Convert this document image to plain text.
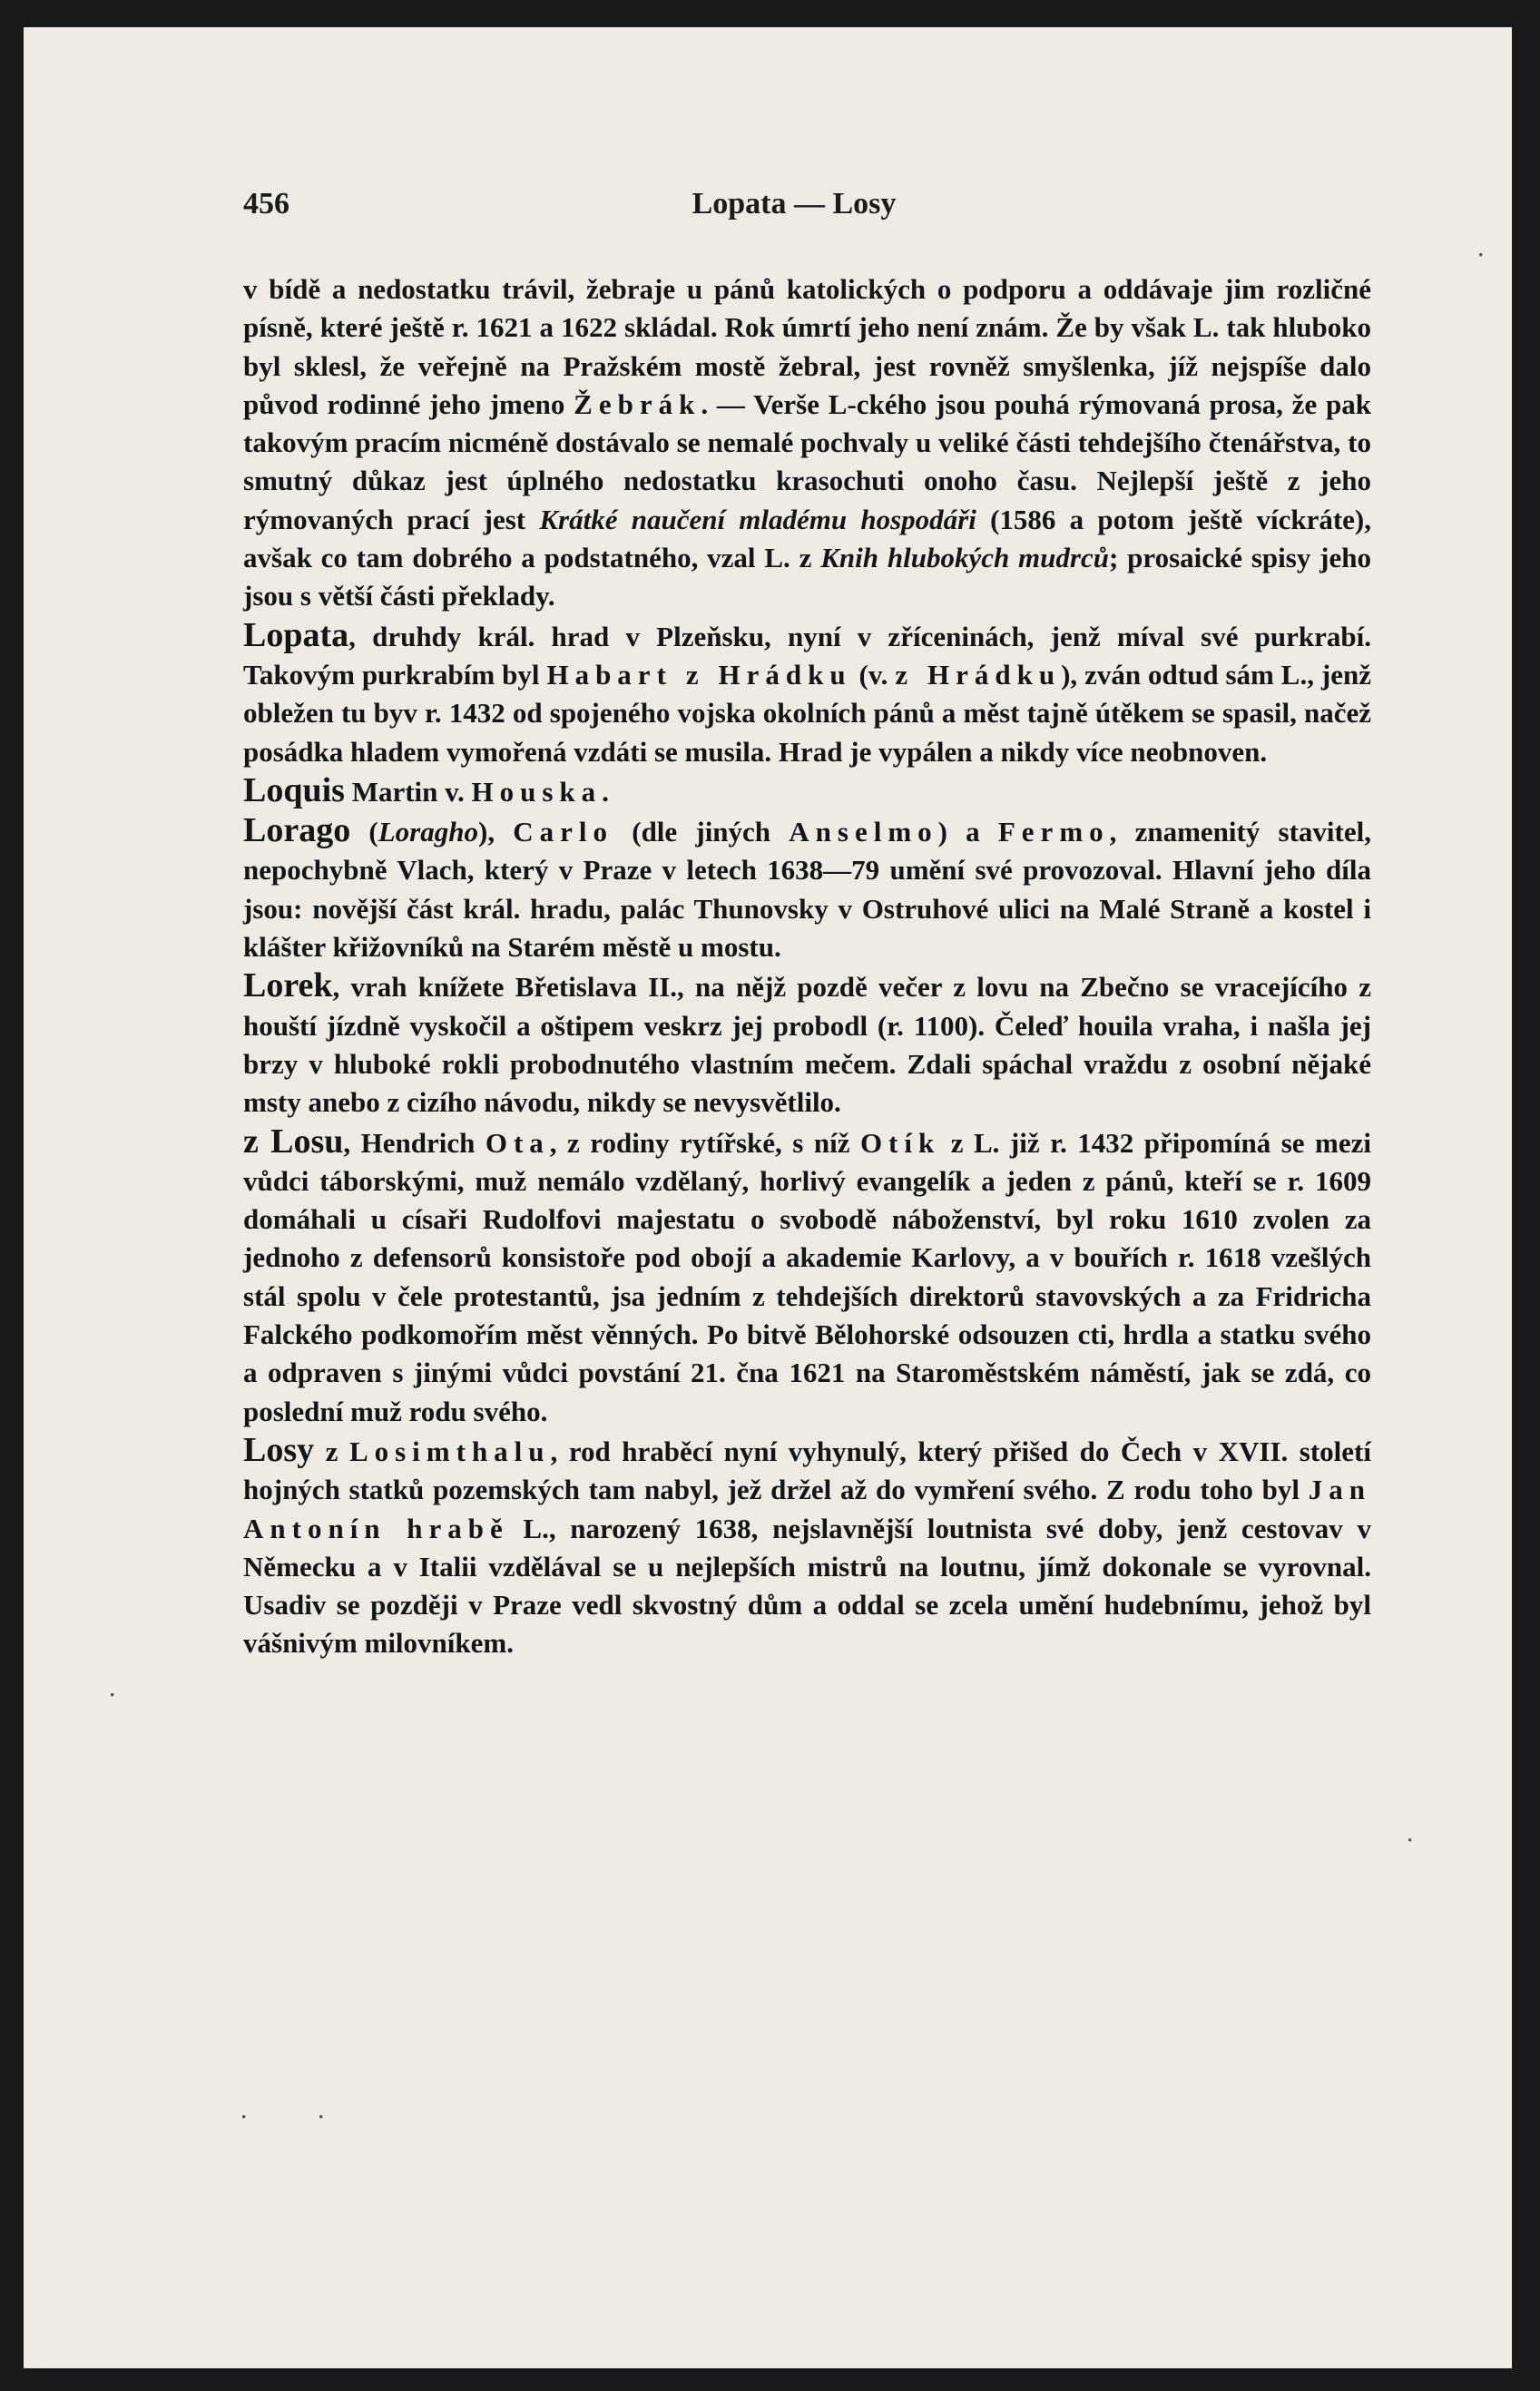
456	Lopata — Losy

v bídě a nedostatku trávil, žebraje u pánů katolických o podporu a oddávaje jim rozličné písně, které ještě r. 1621 a 1622 skládal. Rok úmrtí jeho není znám. Že by však L. tak hluboko byl sklesl, že veřejně na Pražském mostě žebral, jest rovněž smyšlenka, jíž nejspíše dalo původ rodinné jeho jmeno Žebrák. — Verše L-ckého jsou pouhá rýmovaná prosa, že pak takovým pracím nicméně dostávalo se nemalé pochvaly u veliké části tehdejšího čtenářstva, to smutný důkaz jest úplného nedostatku krasochuti onoho času. Nejlepší ještě z jeho rýmovaných prací jest Krátké naučení mladému hospodáři (1586 a potom ještě víckráte), avšak co tam dobrého a podstatného, vzal L. z Knih hlubokých mudrců; prosaické spisy jeho jsou s větší části překlady.

Lopata, druhdy král. hrad v Plzeňsku, nyní v zříceninách, jenž míval své purkrabí. Takovým purkrabím byl Habart z Hrádku (v. z Hrádku), zván odtud sám L., jenž obležen tu byv r. 1432 od spojeného vojska okolních pánů a měst tajně útěkem se spasil, načež posádka hladem vymořená vzdáti se musila. Hrad je vypálen a nikdy více neobnoven.

Loquis Martin v. Houska.

Lorago (Loragho), Carlo (dle jiných Anselmo) a Fermo, znamenitý stavitel, nepochybně Vlach, který v Praze v letech 1638—79 umění své provozoval. Hlavní jeho díla jsou: novější část král. hradu, palác Thunovsky v Ostruhové ulici na Malé Straně a kostel i klášter křižovníků na Starém městě u mostu.

Lorek, vrah knížete Břetislava II., na nějž pozdě večer z lovu na Zbečno se vracejícího z houští jízdně vyskočil a oštipem veskrz jej probodl (r. 1100). Čeleď houila vraha, i našla jej brzy v hluboké rokli probodnutého vlastním mečem. Zdali spáchal vraždu z osobní nějaké msty anebo z cizího návodu, nikdy se nevysvětlilo.

z Losu, Hendrich Ota, z rodiny rytířské, s níž Otík z L. již r. 1432 připomíná se mezi vůdci táborskými, muž nemálo vzdělaný, horlivý evangelík a jeden z pánů, kteří se r. 1609 domáhali u císaři Rudolfovi majestatu o svobodě náboženství, byl roku 1610 zvolen za jednoho z defensorů konsistoře pod obojí a akademie Karlovy, a v bouřích r. 1618 vzešlých stál spolu v čele protestantů, jsa jedním z tehdejších direktorů stavovských a za Fridricha Falckého podkomořím měst věnných. Po bitvě Bělohorské odsouzen cti, hrdla a statku svého a odpraven s jinými vůdci povstání 21. čna 1621 na Staroměstském náměstí, jak se zdá, co poslední muž rodu svého.

Losy z Losimthalu, rod hraběcí nyní vyhynulý, který přišed do Čech v XVII. století hojných statků pozemských tam nabyl, jež držel až do vymření svého. Z rodu toho byl Jan Antonín hrabě L., narozený 1638, nejslavnější loutnista své doby, jenž cestovav v Německu a v Italii vzdělával se u nejlepších mistrů na loutnu, jímž dokonale se vyrovnal. Usadiv se později v Praze vedl skvostný dům a oddal se zcela umění hudebnímu, jehož byl vášnivým milovníkem.

·
·
·	·
·
